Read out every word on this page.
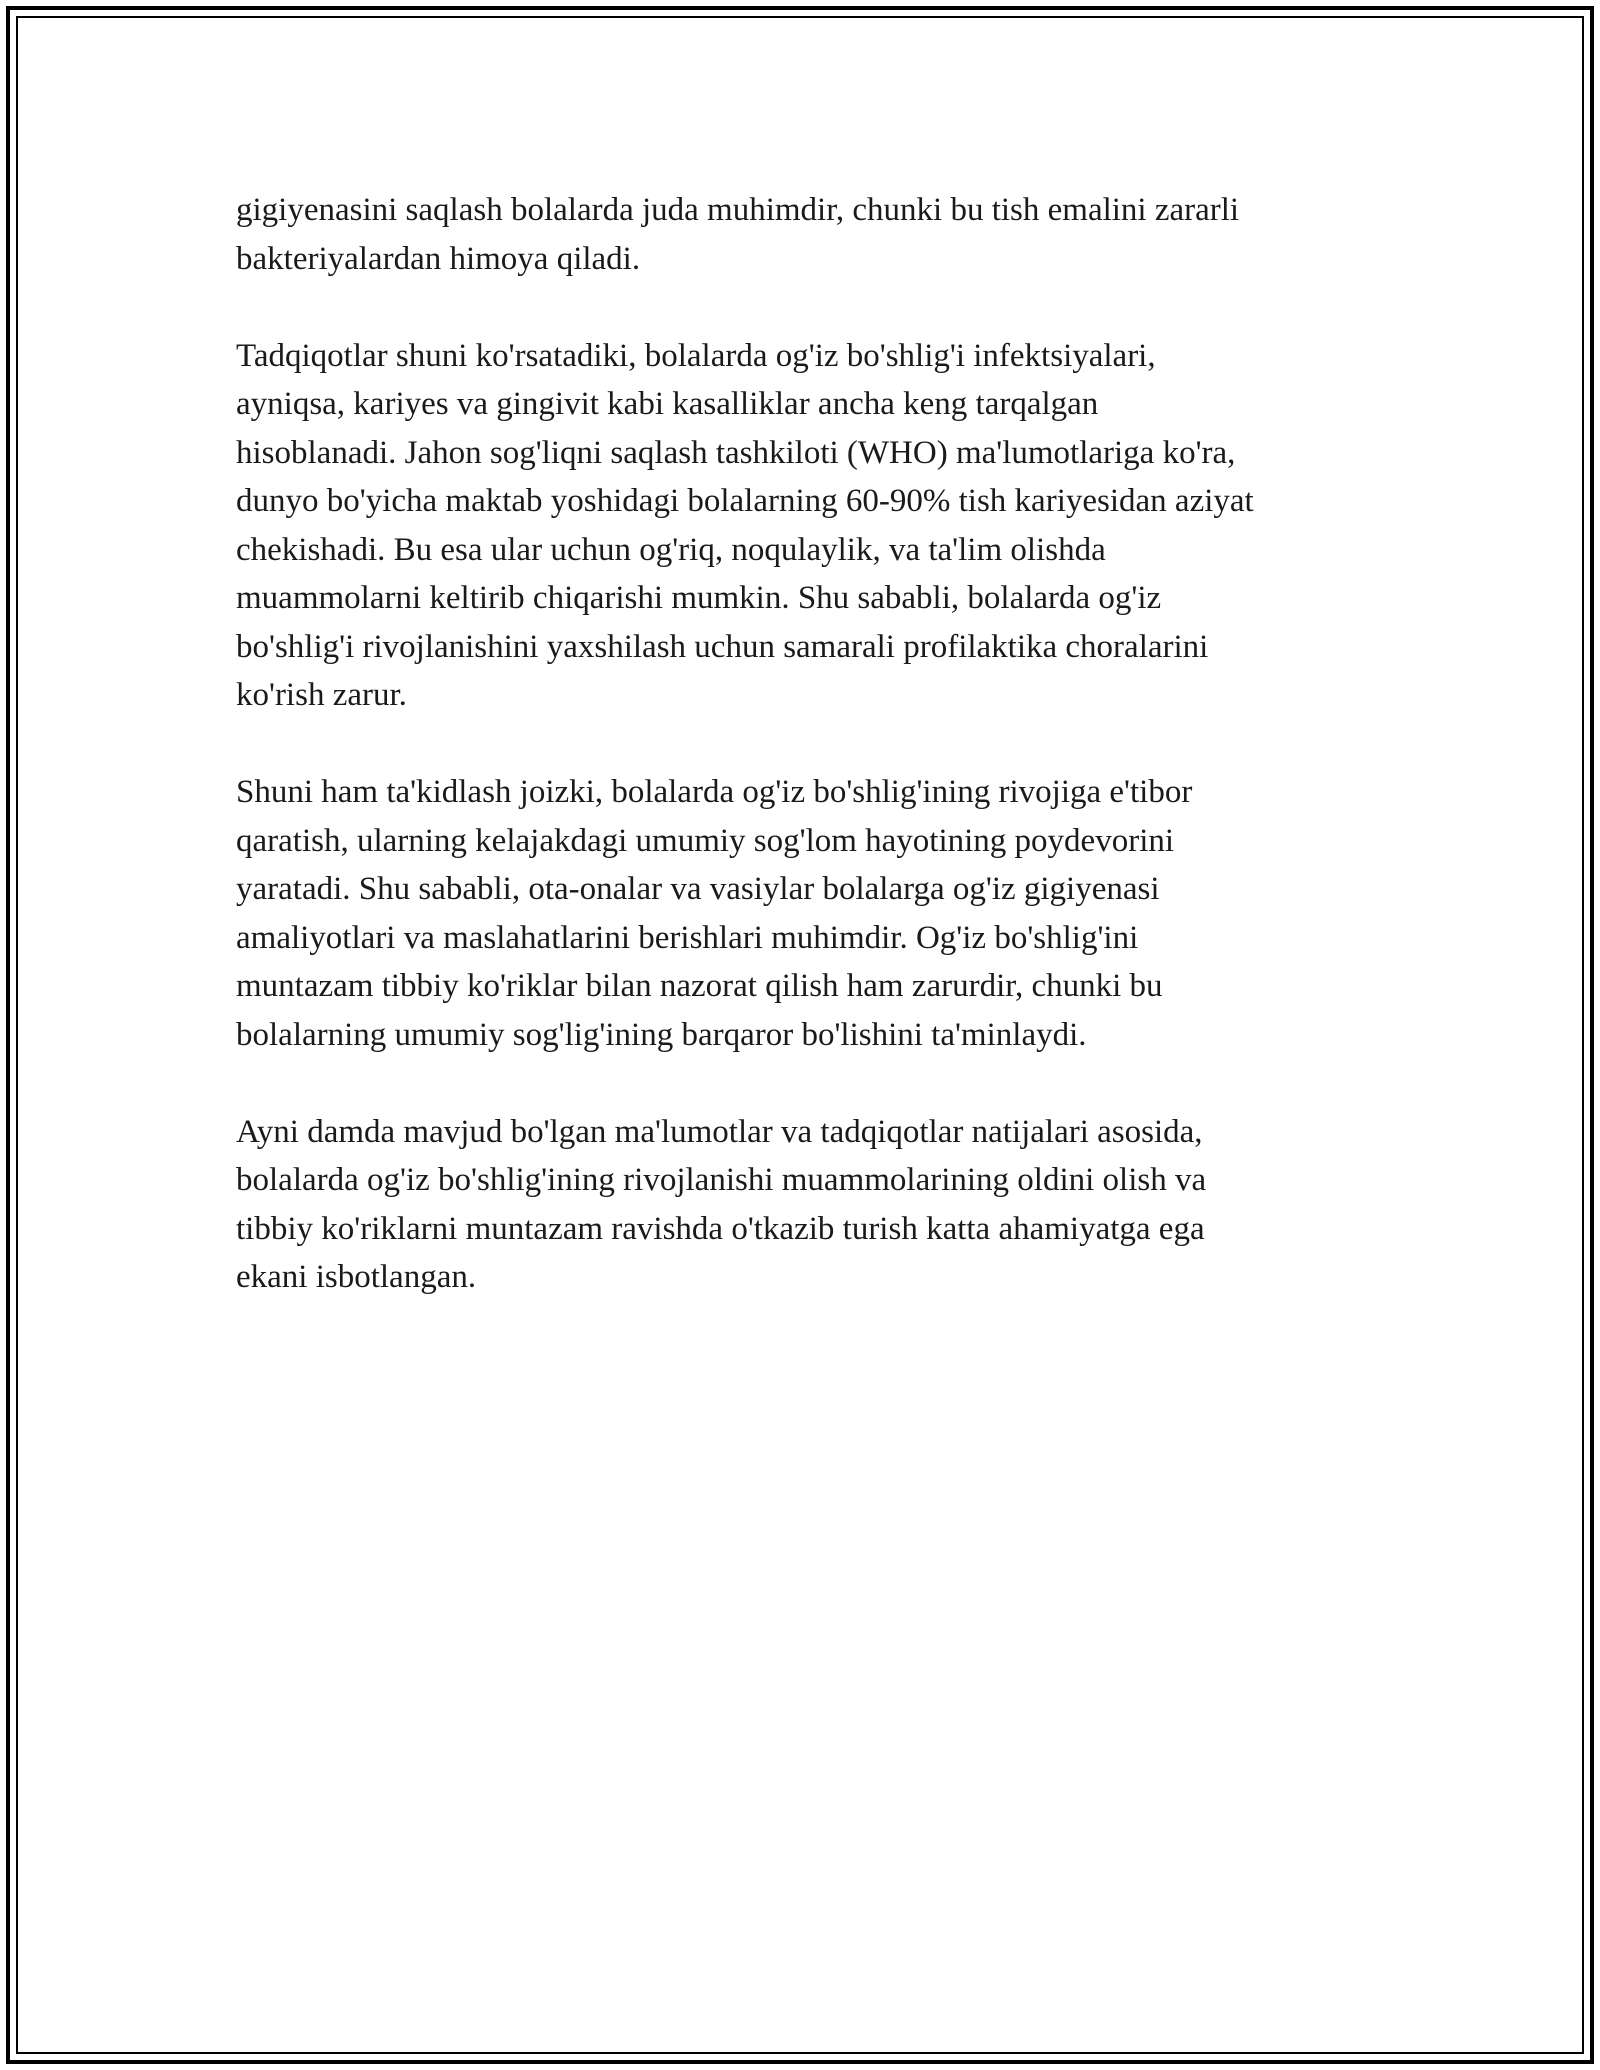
gigiyenasini saqlash bolalarda juda muhimdir, chunki bu tish emalini zararli
bakteriyalardan himoya qiladi.

Tadqiqotlar shuni ko'rsatadiki, bolalarda og'iz bo'shlig'i infektsiyalari,
ayniqsa, kariyes va gingivit kabi kasalliklar ancha keng tarqalgan
hisoblanadi. Jahon sog'liqni saqlash tashkiloti (WHO) ma'lumotlariga ko'ra,
dunyo bo'yicha maktab yoshidagi bolalarning 60-90% tish kariyesidan aziyat
chekishadi. Bu esa ular uchun og'riq, noqulaylik, va ta'lim olishda
muammolarni keltirib chiqarishi mumkin. Shu sababli, bolalarda og'iz
bo'shlig'i rivojlanishini yaxshilash uchun samarali profilaktika choralarini
ko'rish zarur.

Shuni ham ta'kidlash joizki, bolalarda og'iz bo'shlig'ining rivojiga e'tibor
qaratish, ularning kelajakdagi umumiy sog'lom hayotining poydevorini
yaratadi. Shu sababli, ota-onalar va vasiylar bolalarga og'iz gigiyenasi
amaliyotlari va maslahatlarini berishlari muhimdir. Og'iz bo'shlig'ini
muntazam tibbiy ko'riklar bilan nazorat qilish ham zarurdir, chunki bu
bolalarning umumiy sog'lig'ining barqaror bo'lishini ta'minlaydi.

Ayni damda mavjud bo'lgan ma'lumotlar va tadqiqotlar natijalari asosida,
bolalarda og'iz bo'shlig'ining rivojlanishi muammolarining oldini olish va
tibbiy ko'riklarni muntazam ravishda o'tkazib turish katta ahamiyatga ega
ekani isbotlangan.
